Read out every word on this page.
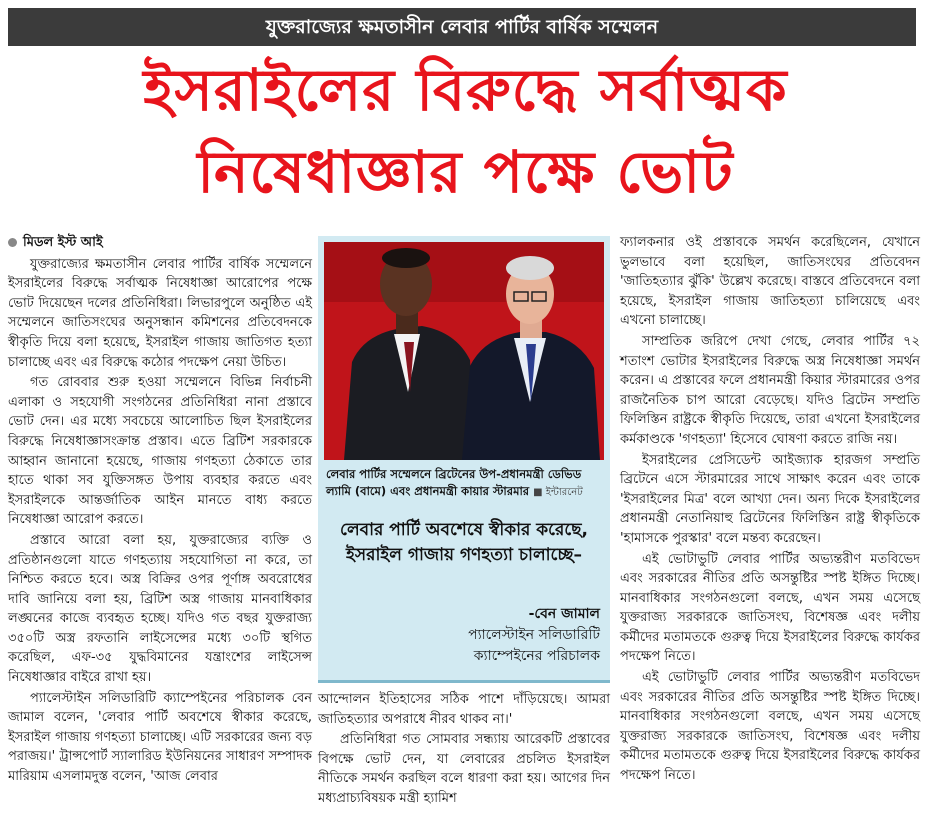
যুক্তরাজ্যের ক্ষমতাসীন লেবার পার্টির বার্ষিক সম্মেলন
ইসরাইলের বিরুদ্ধে সর্বাত্মক
নিষেধাজ্ঞার পক্ষে ভোট
মিডল ইস্ট আই

যুক্তরাজ্যের ক্ষমতাসীন লেবার পার্টির বার্ষিক সম্মেলনে ইসরাইলের বিরুদ্ধে সর্বাত্মক নিষেধাজ্ঞা আরোপের পক্ষে ভোট দিয়েছেন দলের প্রতিনিধিরা। লিভারপুলে অনুষ্ঠিত এই সম্মেলনে জাতিসংঘের অনুসন্ধান কমিশনের প্রতিবেদনকে স্বীকৃতি দিয়ে বলা হয়েছে, ইসরাইল গাজায় জাতিগত হত্যা চালাচ্ছে এবং এর বিরুদ্ধে কঠোর পদক্ষেপ নেয়া উচিত।

গত রোববার শুরু হওয়া সম্মেলনে বিভিন্ন নির্বাচনী এলাকা ও সহযোগী সংগঠনের প্রতিনিধিরা নানা প্রস্তাবে ভোট দেন। এর মধ্যে সবচেয়ে আলোচিত ছিল ইসরাইলের বিরুদ্ধে নিষেধাজ্ঞাসংক্রান্ত প্রস্তাব। এতে ব্রিটিশ সরকারকে আহ্বান জানানো হয়েছে, গাজায় গণহত্যা ঠেকাতে তার হাতে থাকা সব যুক্তিসঙ্গত উপায় ব্যবহার করতে এবং ইসরাইলকে আন্তর্জাতিক আইন মানতে বাধ্য করতে নিষেধাজ্ঞা আরোপ করতে।

প্রস্তাবে আরো বলা হয়, যুক্তরাজ্যের ব্যক্তি ও প্রতিষ্ঠানগুলো যাতে গণহত্যায় সহযোগিতা না করে, তা নিশ্চিত করতে হবে। অস্ত্র বিক্রির ওপর পূর্ণাঙ্গ অবরোধের দাবি জানিয়ে বলা হয়, ব্রিটিশ অস্ত্র গাজায় মানবাধিকার লঙ্ঘনের কাজে ব্যবহৃত হচ্ছে। যদিও গত বছর যুক্তরাজ্য ৩৫০টি অস্ত্র রফতানি লাইসেন্সের মধ্যে ৩০টি স্থগিত করেছিল, এফ-৩৫ যুদ্ধবিমানের যন্ত্রাংশের লাইসেন্স নিষেধাজ্ঞার বাইরে রাখা হয়।

প্যালেস্টাইন সলিডারিটি ক্যাম্পেইনের পরিচালক বেন জামাল বলেন, 'লেবার পার্টি অবশেষে স্বীকার করেছে, ইসরাইল গাজায় গণহত্যা চালাচ্ছে। এটি সরকারের জন্য বড় পরাজয়।' ট্রান্সপোর্ট স্যালারিড ইউনিয়নের সাধারণ সম্পাদক মারিয়াম এসলামদুস্ত বলেন, 'আজ লেবার

লেবার পার্টির সম্মেলনে ব্রিটেনের উপ-প্রধানমন্ত্রী ডেভিড ল্যামি (বামে) এবং প্রধানমন্ত্রী কায়ার স্টারমার ■ ইন্টারনেট
লেবার পার্টি অবশেষে স্বীকার করেছে, ইসরাইল গাজায় গণহত্যা চালাচ্ছে–
-বেন জামাল
প্যালেস্টাইন সলিডারিটি
ক্যাম্পেইনের পরিচালক

আন্দোলন ইতিহাসের সঠিক পাশে দাঁড়িয়েছে। আমরা জাতিহত্যার অপরাধে নীরব থাকব না।'

প্রতিনিধিরা গত সোমবার সন্ধ্যায় আরেকটি প্রস্তাবের বিপক্ষে ভোট দেন, যা লেবারের প্রচলিত ইসরাইল নীতিকে সমর্থন করছিল বলে ধারণা করা হয়। আগের দিন মধ্যপ্রাচ্যবিষয়ক মন্ত্রী হ্যামিশ

ফ্যালকনার ওই প্রস্তাবকে সমর্থন করেছিলেন, যেখানে ভুলভাবে বলা হয়েছিল, জাতিসংঘের প্রতিবেদন 'জাতিহত্যার ঝুঁকি' উল্লেখ করেছে। বাস্তবে প্রতিবেদনে বলা হয়েছে, ইসরাইল গাজায় জাতিহত্যা চালিয়েছে এবং এখনো চালাচ্ছে।

সাম্প্রতিক জরিপে দেখা গেছে, লেবার পার্টির ৭২ শতাংশ ভোটার ইসরাইলের বিরুদ্ধে অস্ত্র নিষেধাজ্ঞা সমর্থন করেন। এ প্রস্তাবের ফলে প্রধানমন্ত্রী কিয়ার স্টারমারের ওপর রাজনৈতিক চাপ আরো বেড়েছে। যদিও ব্রিটেন সম্প্রতি ফিলিস্তিন রাষ্ট্রকে স্বীকৃতি দিয়েছে, তারা এখনো ইসরাইলের কর্মকাণ্ডকে 'গণহত্যা' হিসেবে ঘোষণা করতে রাজি নয়।

ইসরাইলের প্রেসিডেন্ট আইজ্যাক হারজগ সম্প্রতি ব্রিটেনে এসে স্টারমারের সাথে সাক্ষাৎ করেন এবং তাকে 'ইসরাইলের মিত্র' বলে আখ্যা দেন। অন্য দিকে ইসরাইলের প্রধানমন্ত্রী নেতানিয়াহু ব্রিটেনের ফিলিস্তিন রাষ্ট্র স্বীকৃতিকে 'হামাসকে পুরস্কার' বলে মন্তব্য করেছেন।

এই ভোটাভুটি লেবার পার্টির অভ্যন্তরীণ মতবিভেদ এবং সরকারের নীতির প্রতি অসন্তুষ্টির স্পষ্ট ইঙ্গিত দিচ্ছে। মানবাধিকার সংগঠনগুলো বলছে, এখন সময় এসেছে যুক্তরাজ্য সরকারকে জাতিসংঘ, বিশেষজ্ঞ এবং দলীয় কর্মীদের মতামতকে গুরুত্ব দিয়ে ইসরাইলের বিরুদ্ধে কার্যকর পদক্ষেপ নিতে।

এই ভোটাভুটি লেবার পার্টির অভ্যন্তরীণ মতবিভেদ এবং সরকারের নীতির প্রতি অসন্তুষ্টির স্পষ্ট ইঙ্গিত দিচ্ছে। মানবাধিকার সংগঠনগুলো বলছে, এখন সময় এসেছে যুক্তরাজ্য সরকারকে জাতিসংঘ, বিশেষজ্ঞ এবং দলীয় কর্মীদের মতামতকে গুরুত্ব দিয়ে ইসরাইলের বিরুদ্ধে কার্যকর পদক্ষেপ নিতে।
